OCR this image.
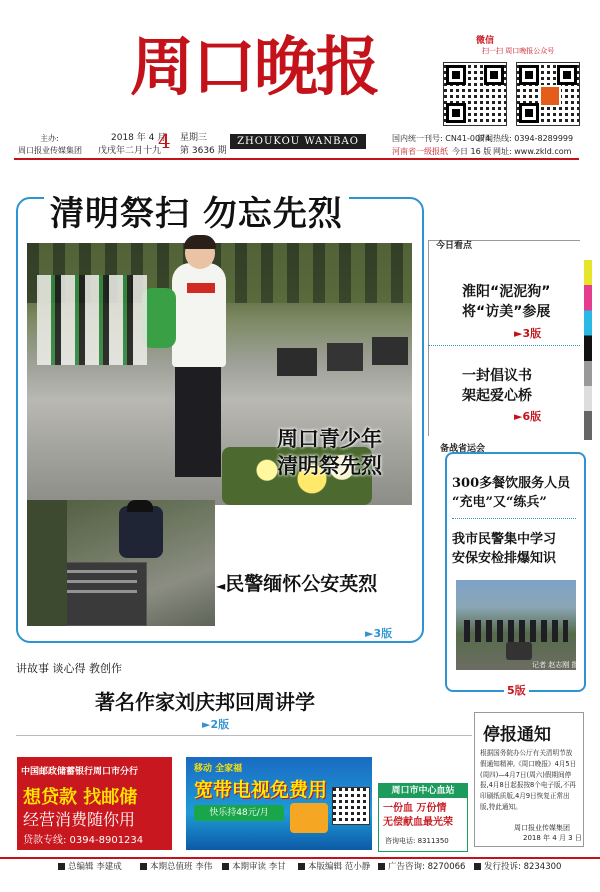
周口晚报	微信
扫一扫 周口晚报公众号
主办:
周口报业传媒集团
2018 年 4 月
4 星期三
戊戌年二月十九 第 3636 期
ZHOUKOU WANBAO	国内统一刊号: CN41-0074
新闻热线: 0394-8289999
河南省一级报纸 今日 16 版 网址: www.zkld.com
清明祭扫 勿忘先烈
周口青少年
清明祭先烈
◄民警缅怀公安英烈
►3版
今日看点
淮阳“泥泥狗”
将“访美”参展
►3版
一封倡议书
架起爱心桥
►6版
备战省运会
300多餐饮服务人员
“充电”又“练兵”
我市民警集中学习
安保安检排爆知识
记者 赵志刚 摄
5版
讲故事 谈心得 教创作
著名作家刘庆邦回周讲学
►2版
停报通知
根据国务院办公厅有关清明节放假通知精神,《周口晚报》4月5日(周四)—4月7日(周六)假期间停报,4月8日起报按8个电子版,不再印刷纸质版,4月9日恢复正常出版,特此通知。
周口报业传媒集团
2018 年 4 月 3 日
中国邮政储蓄银行周口市分行
想贷款 找邮储
经营消费随你用
贷款专线: 0394-8901234
移动 全家福
宽带电视免费用
快乐持48元/月
周口市中心血站
一份血 万份情
无偿献血最光荣
咨询电话: 8311350
总编辑 李建成	本期总值班 李伟	本期审读 李甘	本版编辑 范小静	广告咨询: 8270066	发行投诉: 8234300
